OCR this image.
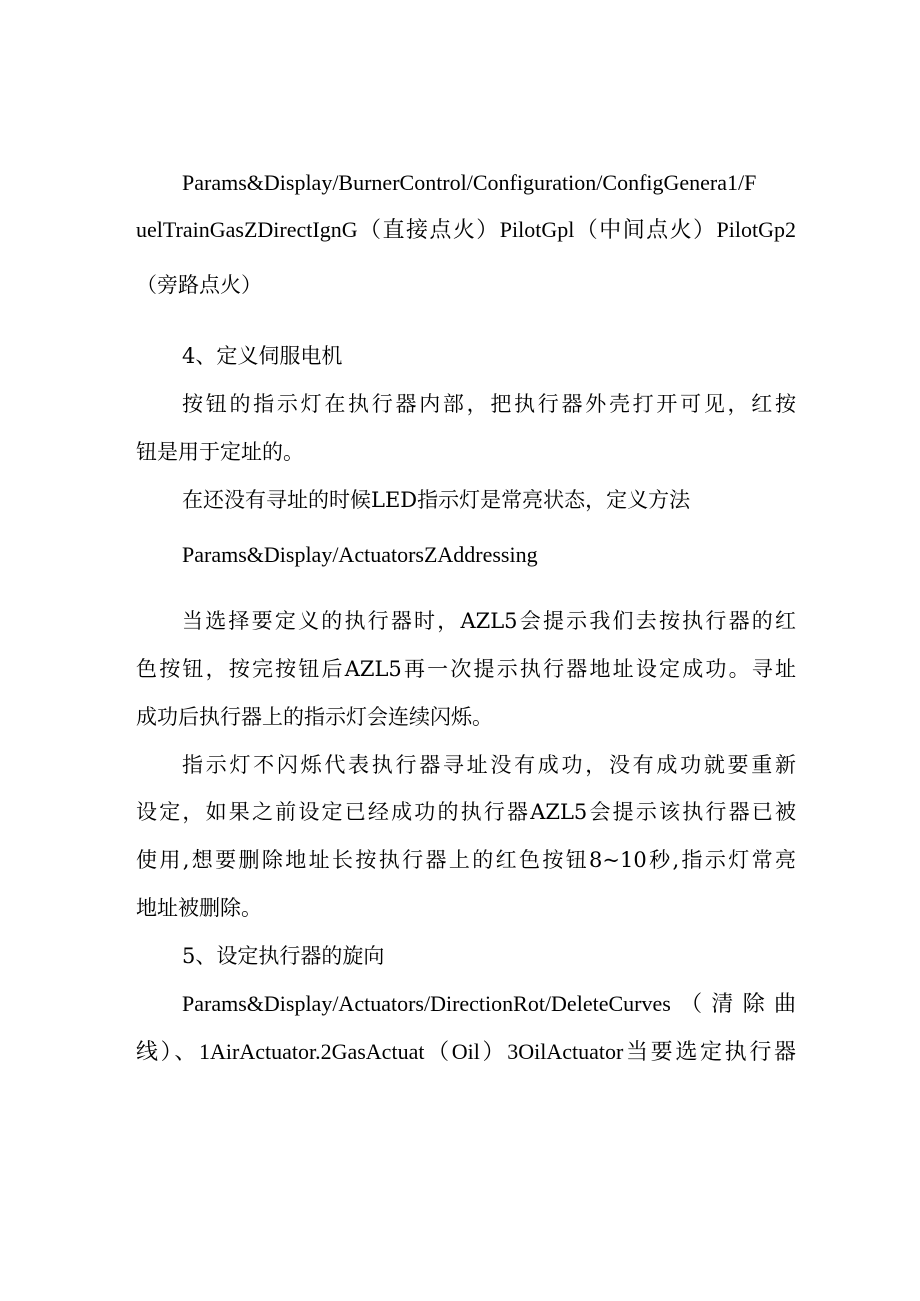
Params&Display/BurnerControl/Configuration/ConfigGenera1/F
uelTrainGasZDirectIgnG（直接点火）PilotGpl（中间点火）PilotGp2
（旁路点火）
4、定义伺服电机
按钮的指示灯在执行器内部，把执行器外壳打开可见，红按
钮是用于定址的。
在还没有寻址的时候LED指示灯是常亮状态，定义方法
Params&Display/ActuatorsZAddressing
当选择要定义的执行器时，AZL5会提示我们去按执行器的红
色按钮，按完按钮后AZL5再一次提示执行器地址设定成功。寻址
成功后执行器上的指示灯会连续闪烁。
指示灯不闪烁代表执行器寻址没有成功，没有成功就要重新
设定，如果之前设定已经成功的执行器AZL5会提示该执行器已被
使用,想要删除地址长按执行器上的红色按钮8~10秒,指示灯常亮
地址被删除。
5、设定执行器的旋向
Params&Display/Actuators/DirectionRot/DeleteCurves（清除曲
线）、1AirActuator.2GasActuat（Oil）3OilActuator当要选定执行器
